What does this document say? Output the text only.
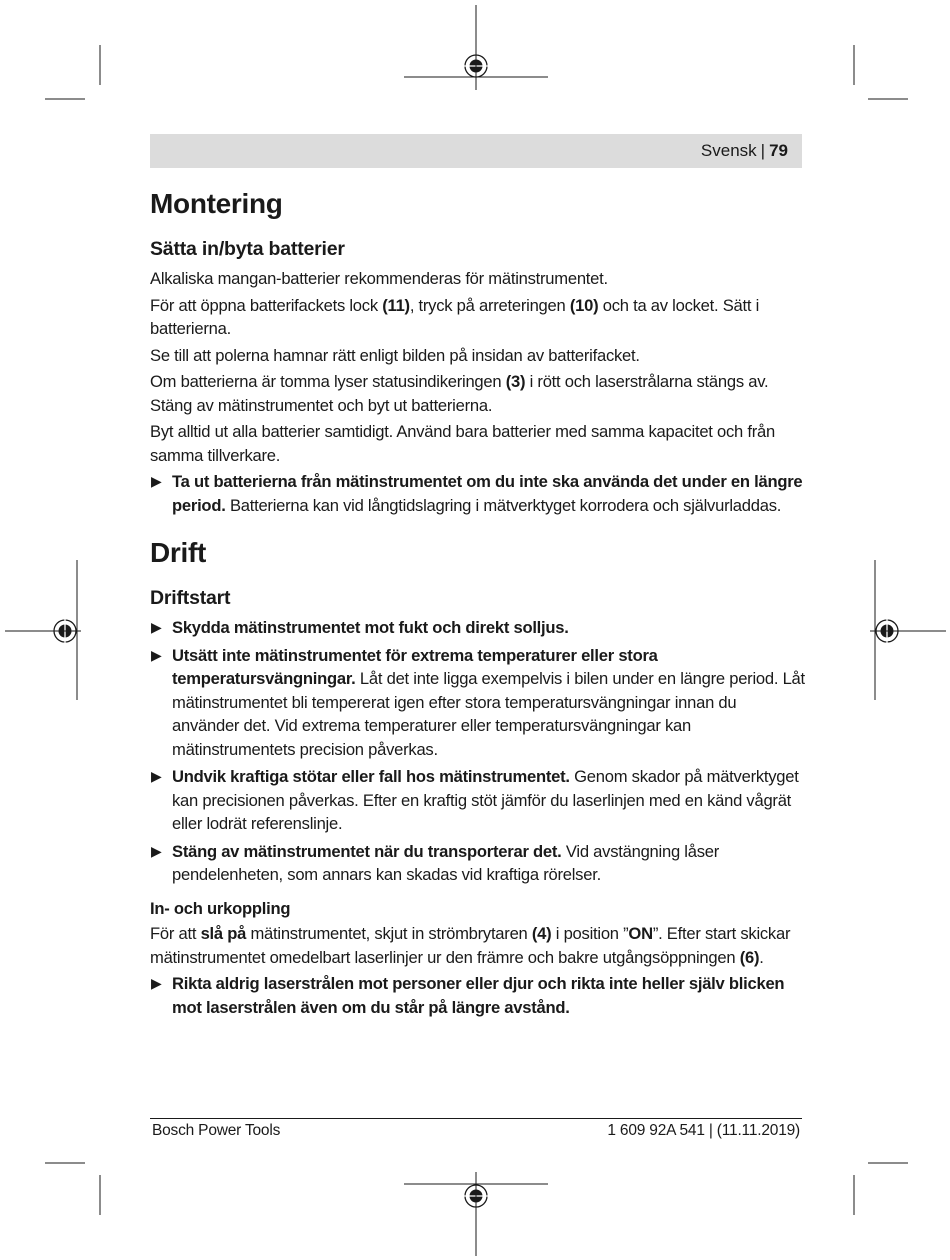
Svensk | 79
Montering
Sätta in/byta batterier

Alkaliska mangan-batterier rekommenderas för mätinstrumentet.

För att öppna batterifackets lock (11), tryck på arreteringen (10) och ta av locket. Sätt i batterierna.

Se till att polerna hamnar rätt enligt bilden på insidan av batterifacket.

Om batterierna är tomma lyser statusindikeringen (3) i rött och laserstrålarna stängs av. Stäng av mätinstrumentet och byt ut batterierna.

Byt alltid ut alla batterier samtidigt. Använd bara batterier med samma kapacitet och från samma tillverkare.

▶ Ta ut batterierna från mätinstrumentet om du inte ska använda det under en längre period. Batterierna kan vid långtidslagring i mätverktyget korrodera och självurladdas.
Drift
Driftstart
▶ Skydda mätinstrumentet mot fukt och direkt solljus.
▶ Utsätt inte mätinstrumentet för extrema temperaturer eller stora temperatursvängningar. Låt det inte ligga exempelvis i bilen under en längre period. Låt mätinstrumentet bli tempererat igen efter stora temperatursvängningar innan du använder det. Vid extrema temperaturer eller temperatursvängningar kan mätinstrumentets precision påverkas.
▶ Undvik kraftiga stötar eller fall hos mätinstrumentet. Genom skador på mätverktyget kan precisionen påverkas. Efter en kraftig stöt jämför du laserlinjen med en känd vågrät eller lodrät referenslinje.
▶ Stäng av mätinstrumentet när du transporterar det. Vid avstängning låser pendelenheten, som annars kan skadas vid kraftiga rörelser.
In- och urkoppling

För att slå på mätinstrumentet, skjut in strömbrytaren (4) i position ”ON”. Efter start skickar mätinstrumentet omedelbart laserlinjer ur den främre och bakre utgångsöppningen (6).

▶ Rikta aldrig laserstrålen mot personer eller djur och rikta inte heller själv blicken mot laserstrålen även om du står på längre avstånd.
Bosch Power Tools	1 609 92A 541 | (11.11.2019)
